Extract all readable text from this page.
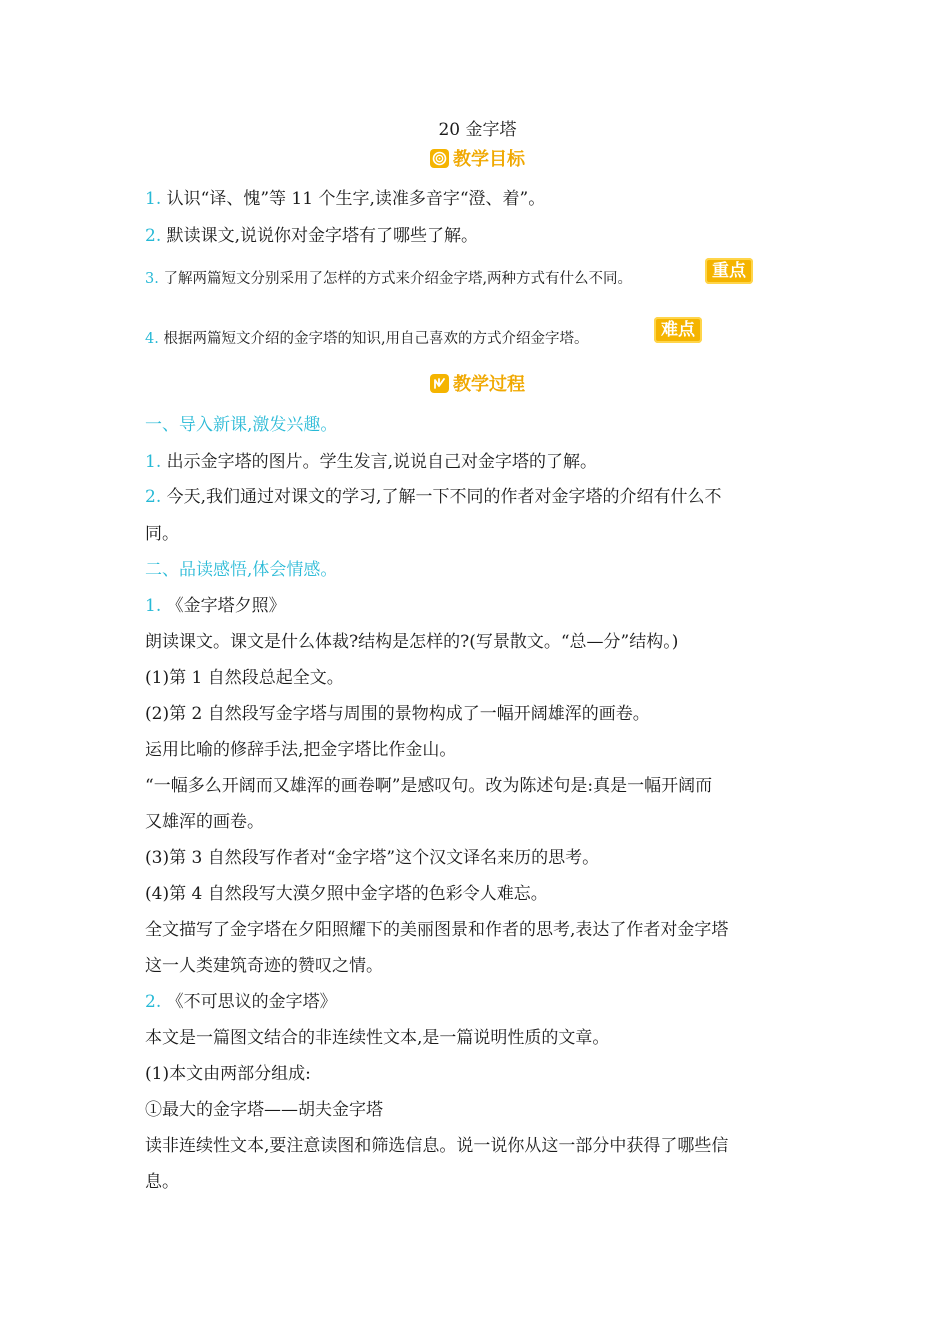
20 金字塔
教学目标
1. 认识“译、愧”等 11 个生字,读准多音字“澄、着”。
2. 默读课文,说说你对金字塔有了哪些了解。
3. 了解两篇短文分别采用了怎样的方式来介绍金字塔,两种方式有什么不同。	重点
4. 根据两篇短文介绍的金字塔的知识,用自己喜欢的方式介绍金字塔。	难点
教学过程
一、导入新课,激发兴趣。
1. 出示金字塔的图片。学生发言,说说自己对金字塔的了解。
2. 今天,我们通过对课文的学习,了解一下不同的作者对金字塔的介绍有什么不
同。
二、品读感悟,体会情感。
1. 《金字塔夕照》
朗读课文。课文是什么体裁?结构是怎样的?(写景散文。“总—分”结构。)
(1)第 1 自然段总起全文。
(2)第 2 自然段写金字塔与周围的景物构成了一幅开阔雄浑的画卷。
运用比喻的修辞手法,把金字塔比作金山。
“一幅多么开阔而又雄浑的画卷啊”是感叹句。改为陈述句是:真是一幅开阔而
又雄浑的画卷。
(3)第 3 自然段写作者对“金字塔”这个汉文译名来历的思考。
(4)第 4 自然段写大漠夕照中金字塔的色彩令人难忘。
全文描写了金字塔在夕阳照耀下的美丽图景和作者的思考,表达了作者对金字塔
这一人类建筑奇迹的赞叹之情。
2. 《不可思议的金字塔》
本文是一篇图文结合的非连续性文本,是一篇说明性质的文章。
(1)本文由两部分组成:
①最大的金字塔——胡夫金字塔
读非连续性文本,要注意读图和筛选信息。说一说你从这一部分中获得了哪些信
息。
